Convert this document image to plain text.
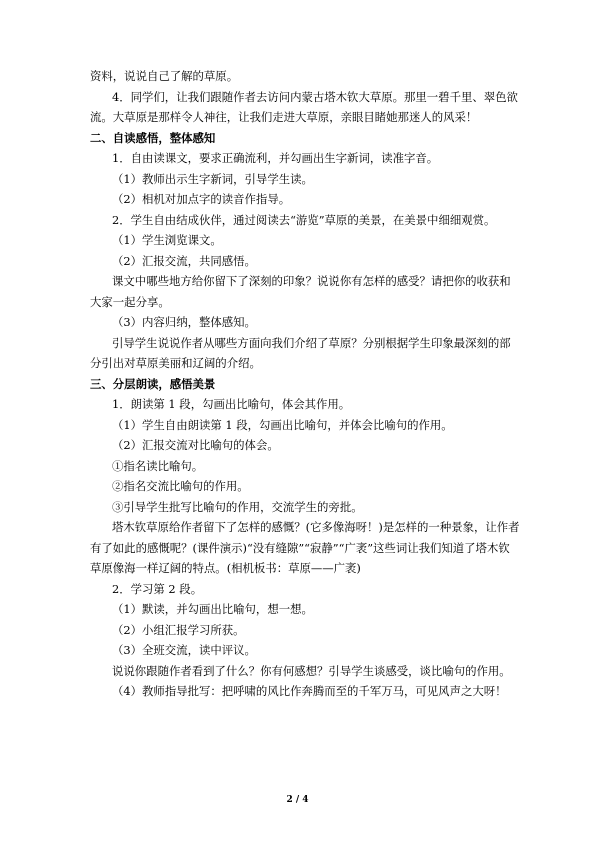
资料，说说自己了解的草原。

4．同学们，让我们跟随作者去访问内蒙古塔木钦大草原。那里一碧千里、翠色欲流。大草原是那样令人神往，让我们走进大草原，亲眼目睹她那迷人的风采！

二、自读感悟，整体感知

1．自由读课文，要求正确流利，并勾画出生字新词，读准字音。

（1）教师出示生字新词，引导学生读。

（2）相机对加点字的读音作指导。

2．学生自由结成伙伴，通过阅读去“游览”草原的美景，在美景中细细观赏。

（1）学生浏览课文。

（2）汇报交流，共同感悟。

课文中哪些地方给你留下了深刻的印象？说说你有怎样的感受？请把你的收获和大家一起分享。

（3）内容归纳，整体感知。

引导学生说说作者从哪些方面向我们介绍了草原？分别根据学生印象最深刻的部分引出对草原美丽和辽阔的介绍。

三、分层朗读，感悟美景

1．朗读第 1 段，勾画出比喻句，体会其作用。

（1）学生自由朗读第 1 段，勾画出比喻句，并体会比喻句的作用。

（2）汇报交流对比喻句的体会。

①指名读比喻句。

②指名交流比喻句的作用。

③引导学生批写比喻句的作用，交流学生的旁批。

塔木钦草原给作者留下了怎样的感慨？(它多像海呀！)是怎样的一种景象，让作者有了如此的感慨呢？(课件演示)“没有缝隙”“寂静”“广袤”这些词让我们知道了塔木钦草原像海一样辽阔的特点。(相机板书：草原——广袤)

2．学习第 2 段。

（1）默读，并勾画出比喻句，想一想。

（2）小组汇报学习所获。

（3）全班交流，读中评议。

说说你跟随作者看到了什么？你有何感想？引导学生谈感受，谈比喻句的作用。

（4）教师指导批写：把呼啸的风比作奔腾而至的千军万马，可见风声之大呀！

2 / 4
